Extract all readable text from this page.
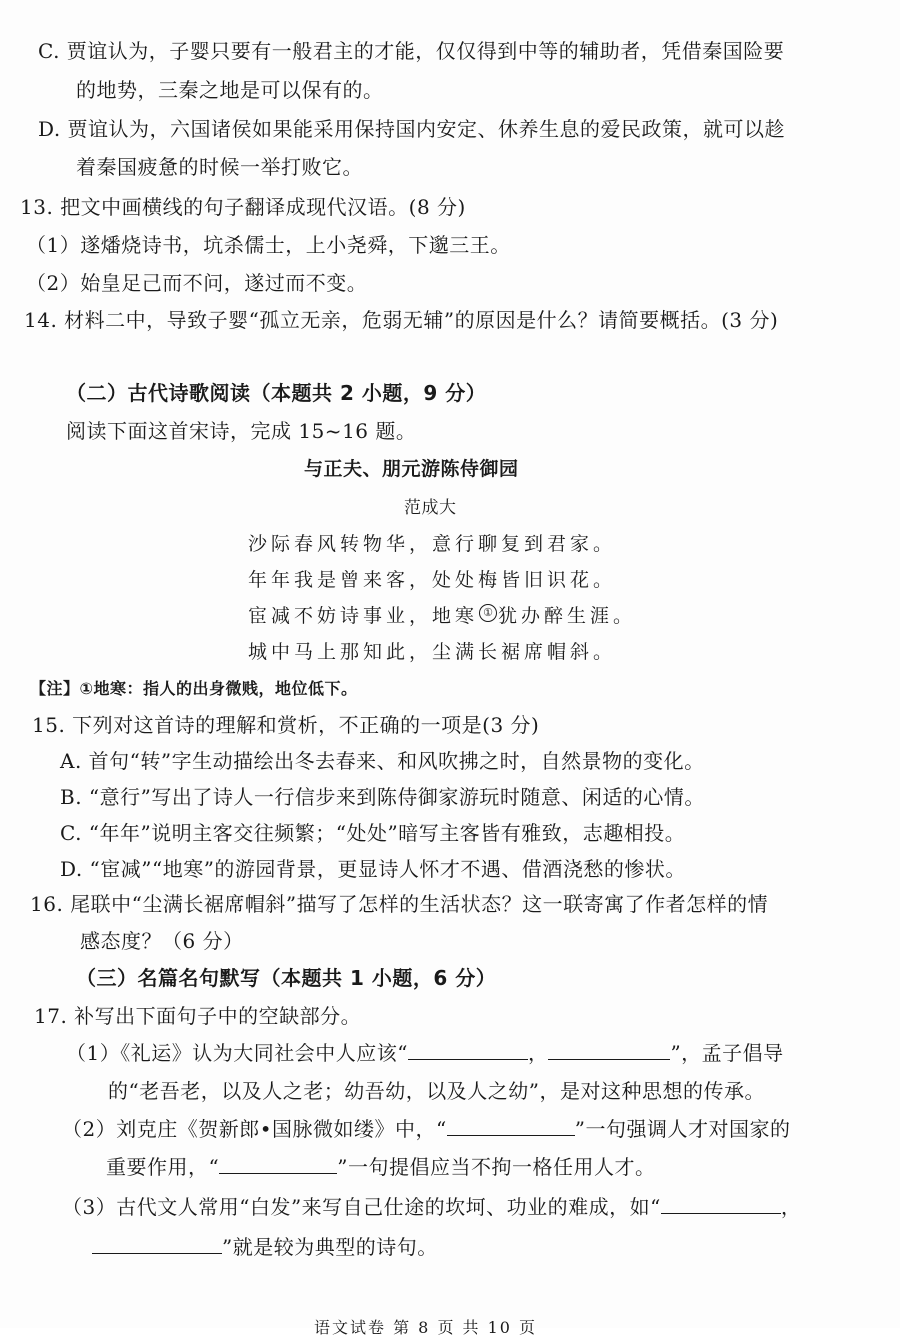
C. 贾谊认为，子婴只要有一般君主的才能，仅仅得到中等的辅助者，凭借秦国险要
的地势，三秦之地是可以保有的。
D. 贾谊认为，六国诸侯如果能采用保持国内安定、休养生息的爱民政策，就可以趁
着秦国疲惫的时候一举打败它。
13. 把文中画横线的句子翻译成现代汉语。(8 分)
（1）遂燔烧诗书，坑杀儒士，上小尧舜，下邈三王。
（2）始皇足己而不问，遂过而不变。
14. 材料二中，导致子婴“孤立无亲，危弱无辅”的原因是什么？请简要概括。(3 分)
（二）古代诗歌阅读（本题共 2 小题，9 分）
阅读下面这首宋诗，完成 15~16 题。
与正夫、朋元游陈侍御园
范成大
沙际春风转物华，意行聊复到君家。
年年我是曾来客，处处梅皆旧识花。
宦减不妨诗事业，地寒 ① 犹办醉生涯。
城中马上那知此，尘满长裾席帽斜。
【注】①地寒：指人的出身微贱，地位低下。
15. 下列对这首诗的理解和赏析，不正确的一项是(3 分)
A. 首句“转”字生动描绘出冬去春来、和风吹拂之时，自然景物的变化。
B. “意行”写出了诗人一行信步来到陈侍御家游玩时随意、闲适的心情。
C. “年年”说明主客交往频繁；“处处”暗写主客皆有雅致，志趣相投。
D. “宦减”“地寒”的游园背景，更显诗人怀才不遇、借酒浇愁的惨状。
16. 尾联中“尘满长裾席帽斜”描写了怎样的生活状态？这一联寄寓了作者怎样的情
感态度？（6 分）
（三）名篇名句默写（本题共 1 小题，6 分）
17. 补写出下面句子中的空缺部分。
（1）《礼运》认为大同社会中人应该“	，	”，孟子倡导
的“老吾老，以及人之老；幼吾幼，以及人之幼”，是对这种思想的传承。
（2）刘克庄《贺新郎•国脉微如缕》中，“	”一句强调人才对国家的
重要作用，“	”一句提倡应当不拘一格任用人才。
（3）古代文人常用“白发”来写自己仕途的坎坷、功业的难成，如“	，
”就是较为典型的诗句。
语文试卷 第 8 页 共 10 页
